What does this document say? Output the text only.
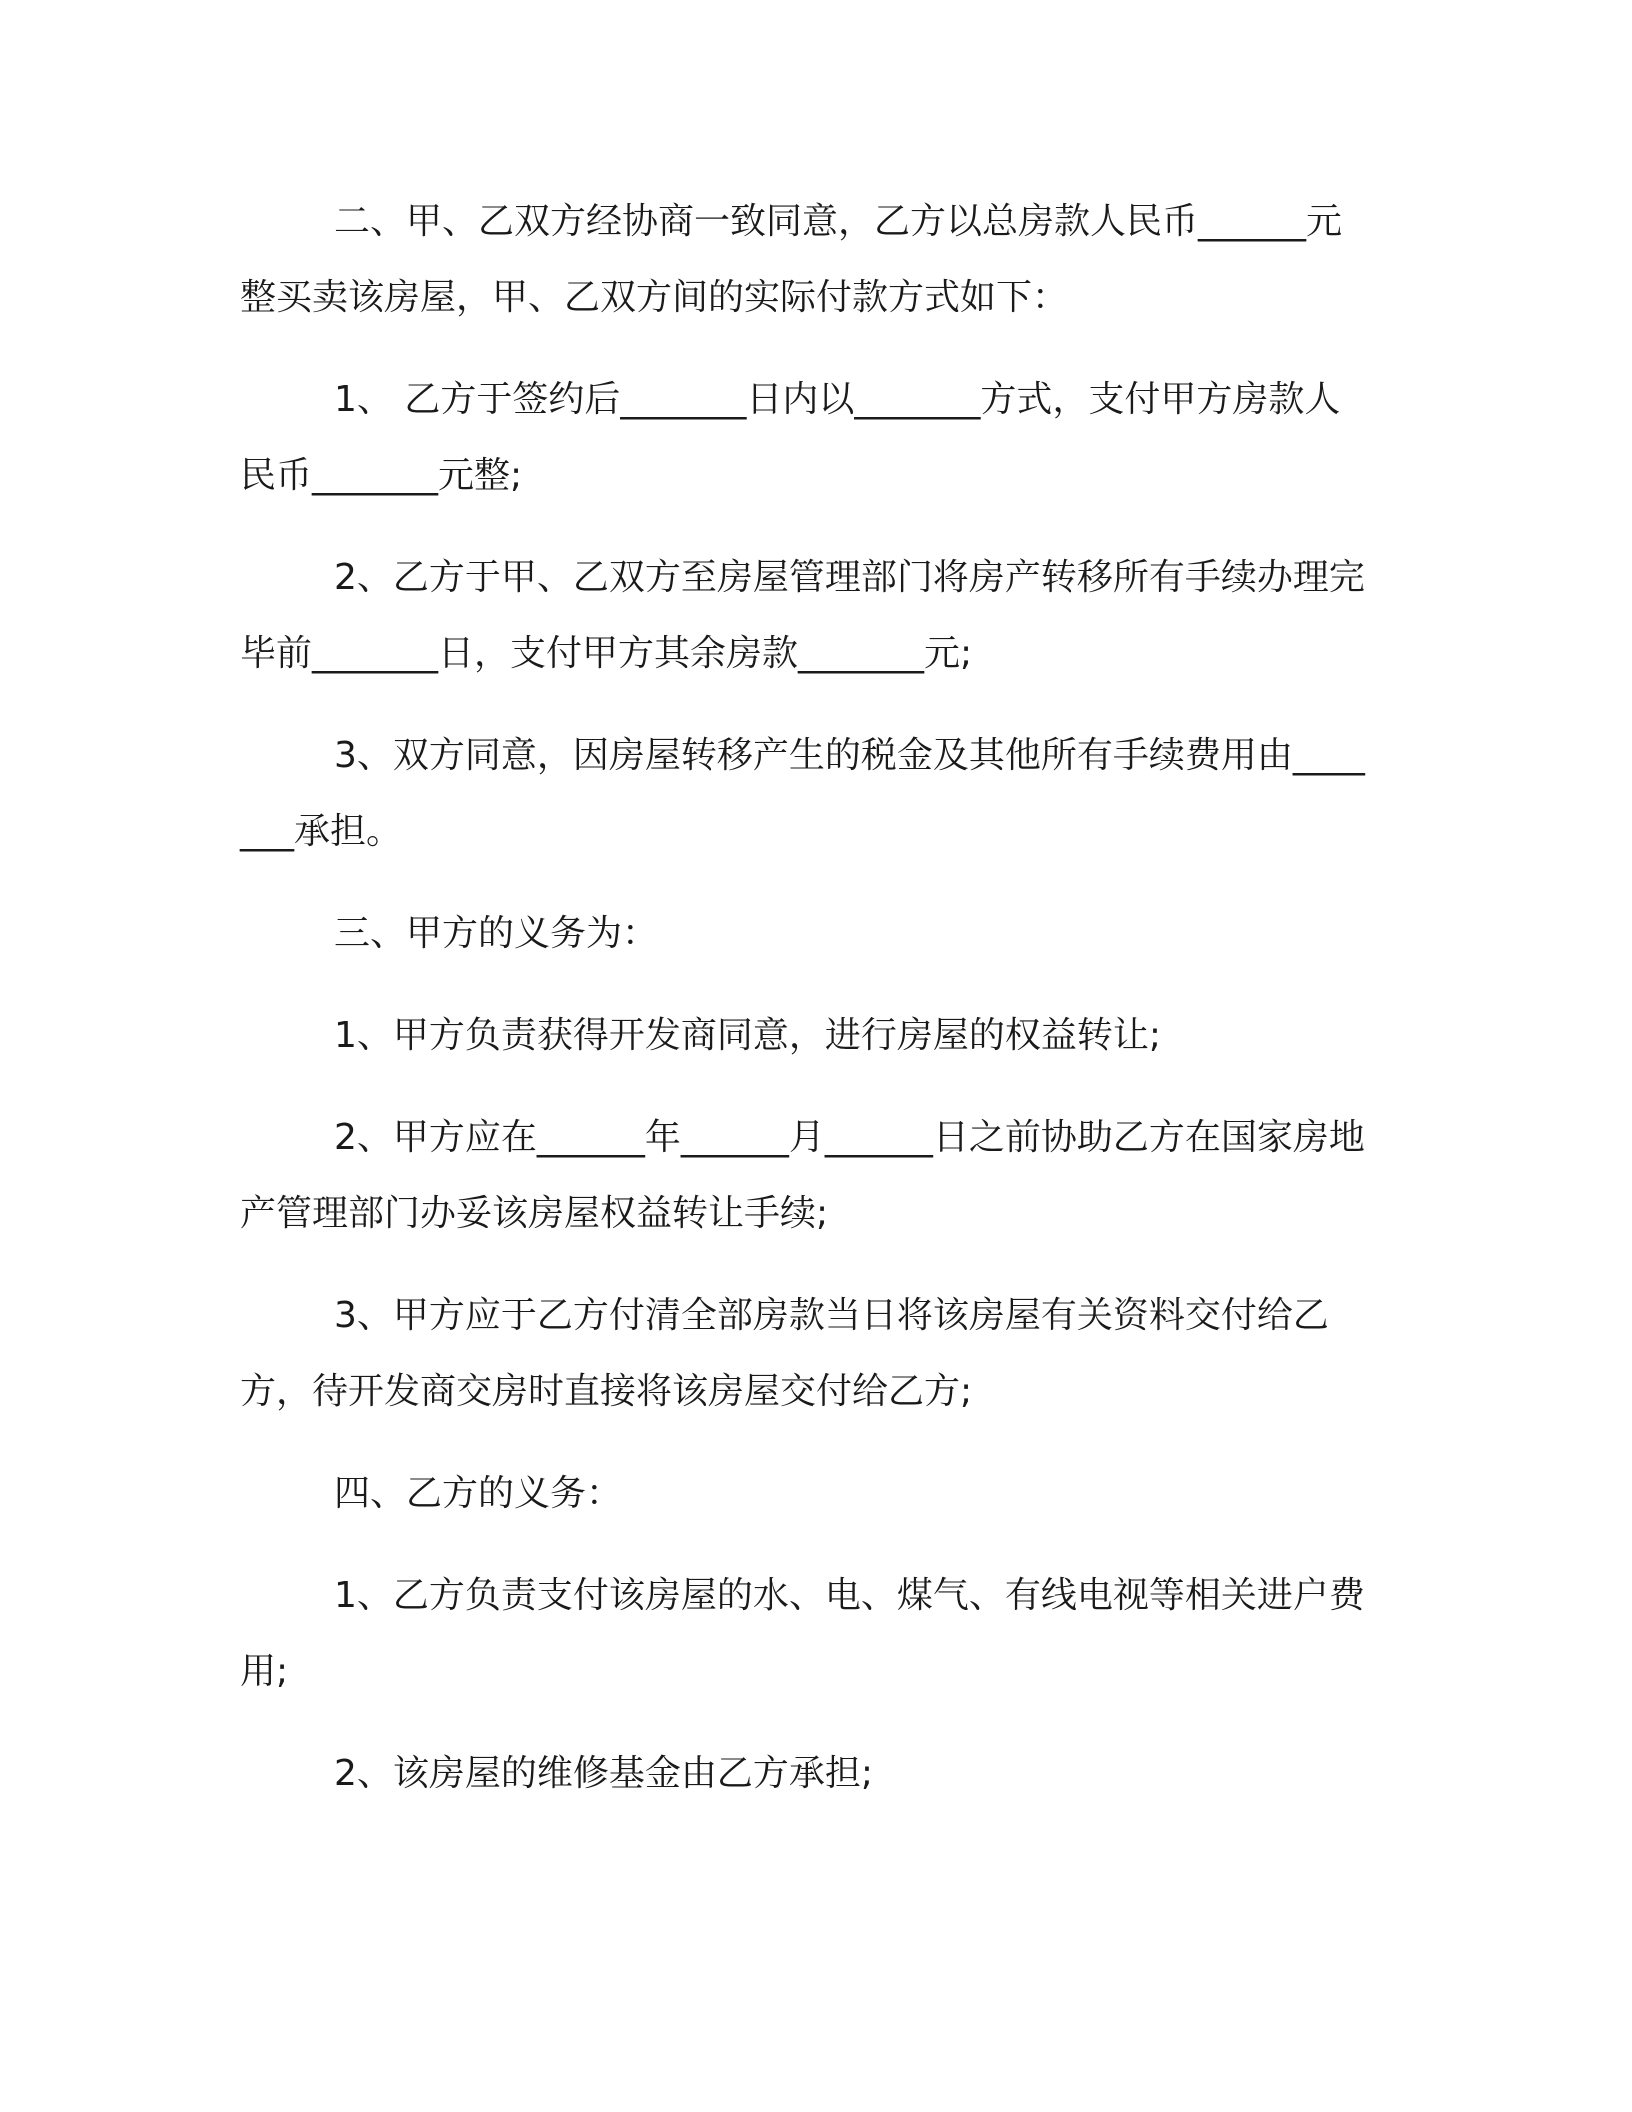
二、甲、乙双方经协商一致同意，乙方以总房款人民币______元整买卖该房屋，甲、乙双方间的实际付款方式如下：

1、 乙方于签约后_______日内以_______方式，支付甲方房款人民币_______元整;

2、乙方于甲、乙双方至房屋管理部门将房产转移所有手续办理完毕前_______日，支付甲方其余房款_______元;

3、双方同意，因房屋转移产生的税金及其他所有手续费用由_______承担。

三、甲方的义务为：

1、甲方负责获得开发商同意，进行房屋的权益转让;

2、甲方应在______年______月______日之前协助乙方在国家房地产管理部门办妥该房屋权益转让手续;

3、甲方应于乙方付清全部房款当日将该房屋有关资料交付给乙方，待开发商交房时直接将该房屋交付给乙方;

四、乙方的义务：

1、乙方负责支付该房屋的水、电、煤气、有线电视等相关进户费用;

2、该房屋的维修基金由乙方承担;
